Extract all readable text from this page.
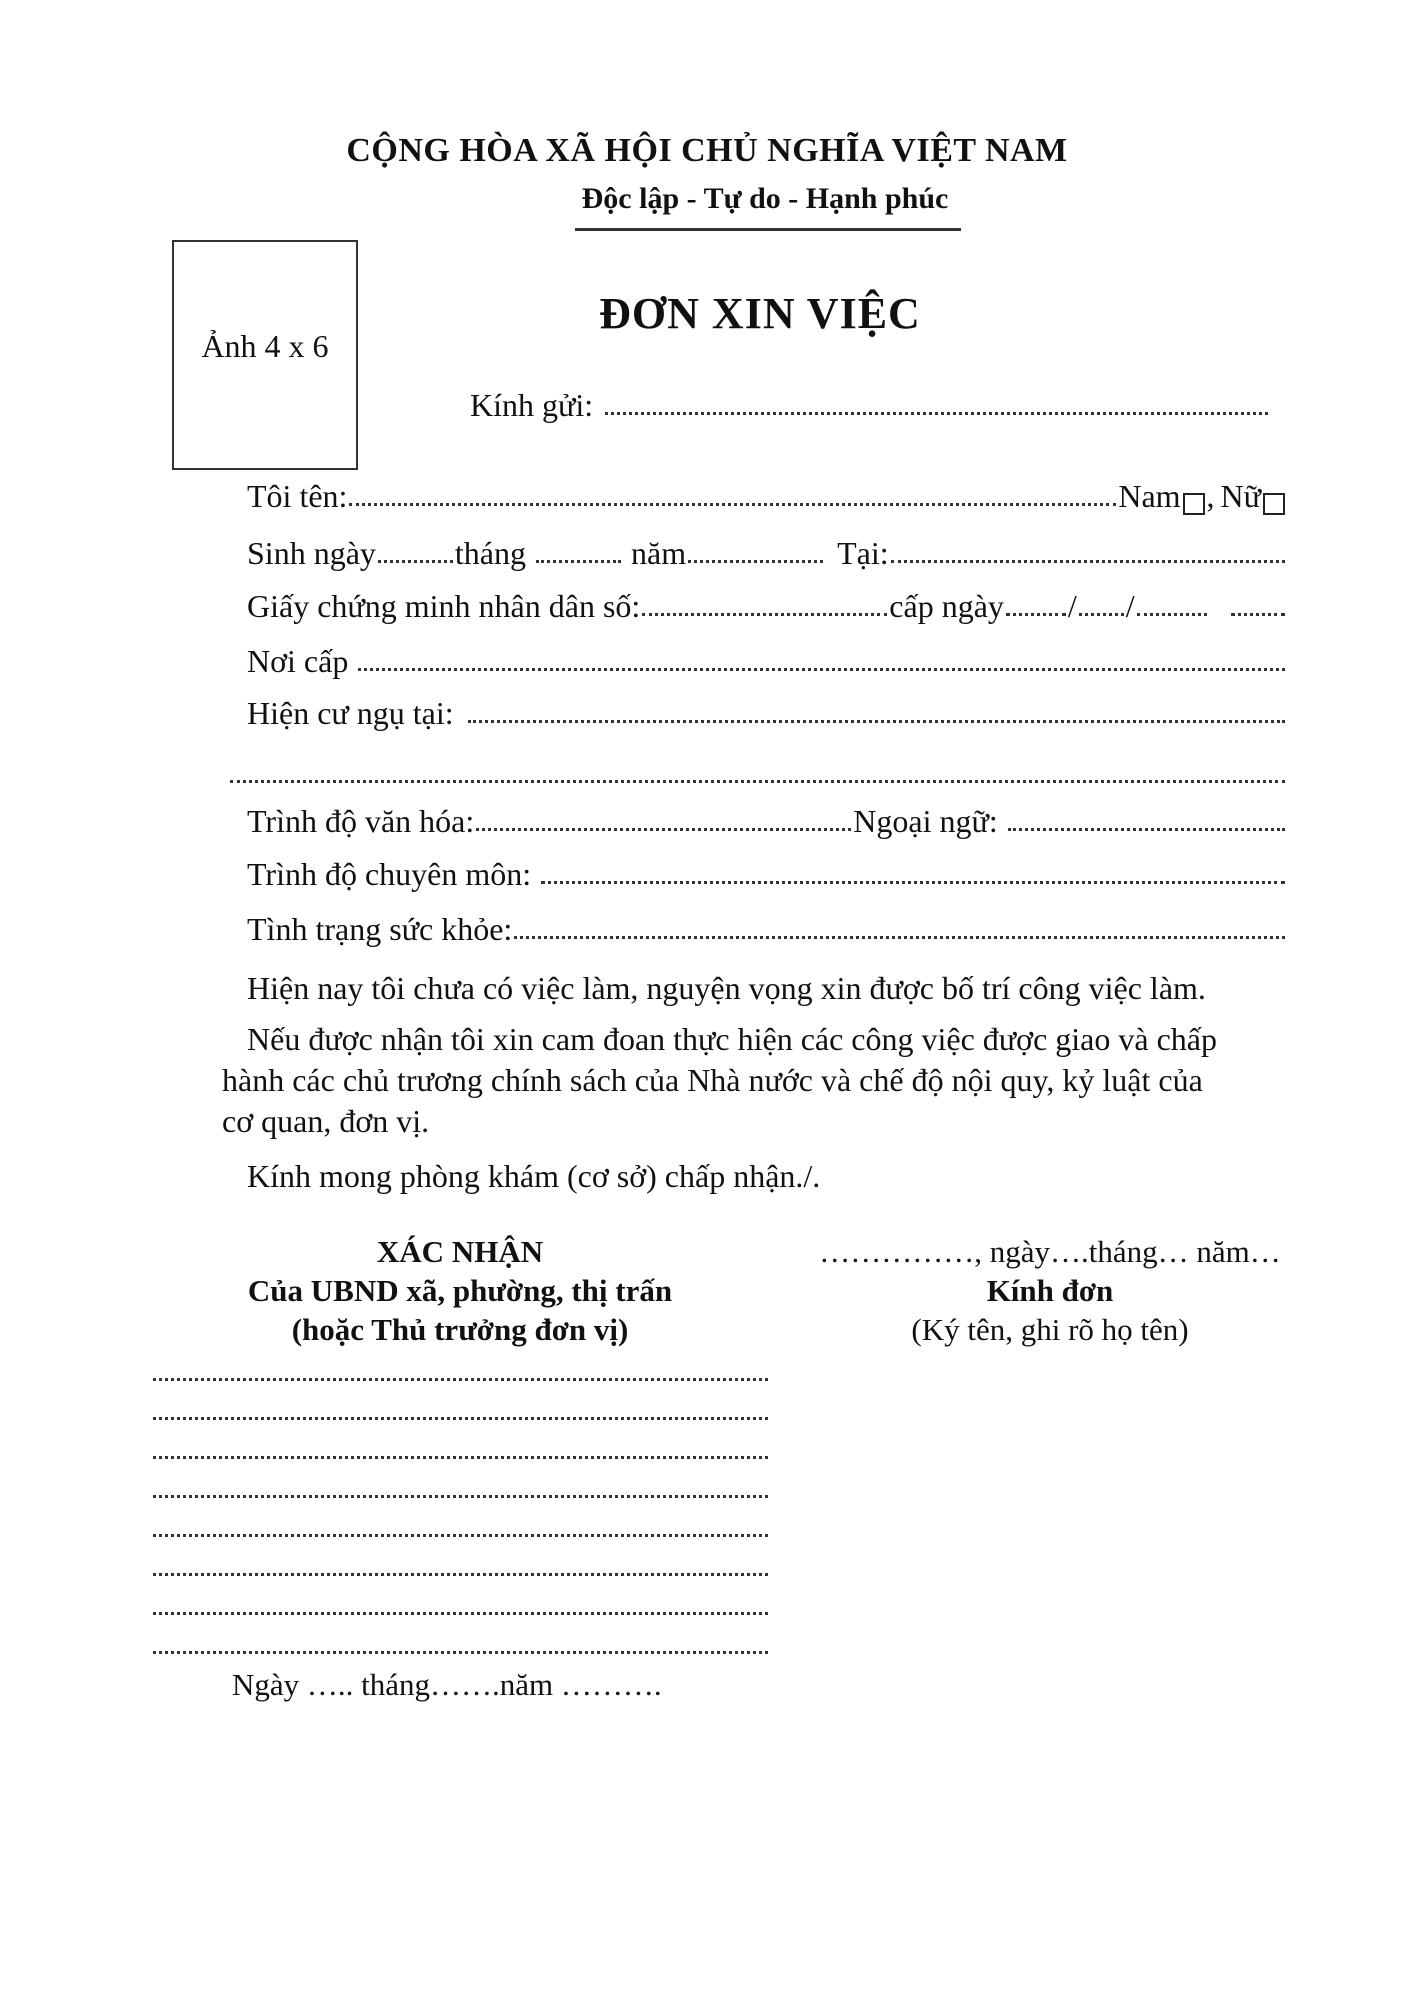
CỘNG HÒA XÃ HỘI CHỦ NGHĨA VIỆT NAM
Độc lập - Tự do - Hạnh phúc
Ảnh 4 x 6
ĐƠN XIN VIỆC
Kính gửi:
Tôi tên:	Nam , Nữ
Sinh ngày tháng	năm	Tại:
Giấy chứng minh nhân dân số:	cấp ngày / /
Nơi cấp
Hiện cư ngụ tại:
Trình độ văn hóa:	Ngoại ngữ:
Trình độ chuyên môn:
Tình trạng sức khỏe:
Hiện nay tôi chưa có việc làm, nguyện vọng xin được bố trí công việc làm.
Nếu được nhận tôi xin cam đoan thực hiện các công việc được giao và chấp
hành các chủ trương chính sách của Nhà nước và chế độ nội quy, kỷ luật của
cơ quan, đơn vị.
Kính mong phòng khám (cơ sở) chấp nhận./.
XÁC NHẬN
Của UBND xã, phường, thị trấn
(hoặc Thủ trưởng đơn vị)
Ngày ….. tháng…….năm ……….
……………, ngày….tháng… năm…
Kính đơn
(Ký tên, ghi rõ họ tên)
